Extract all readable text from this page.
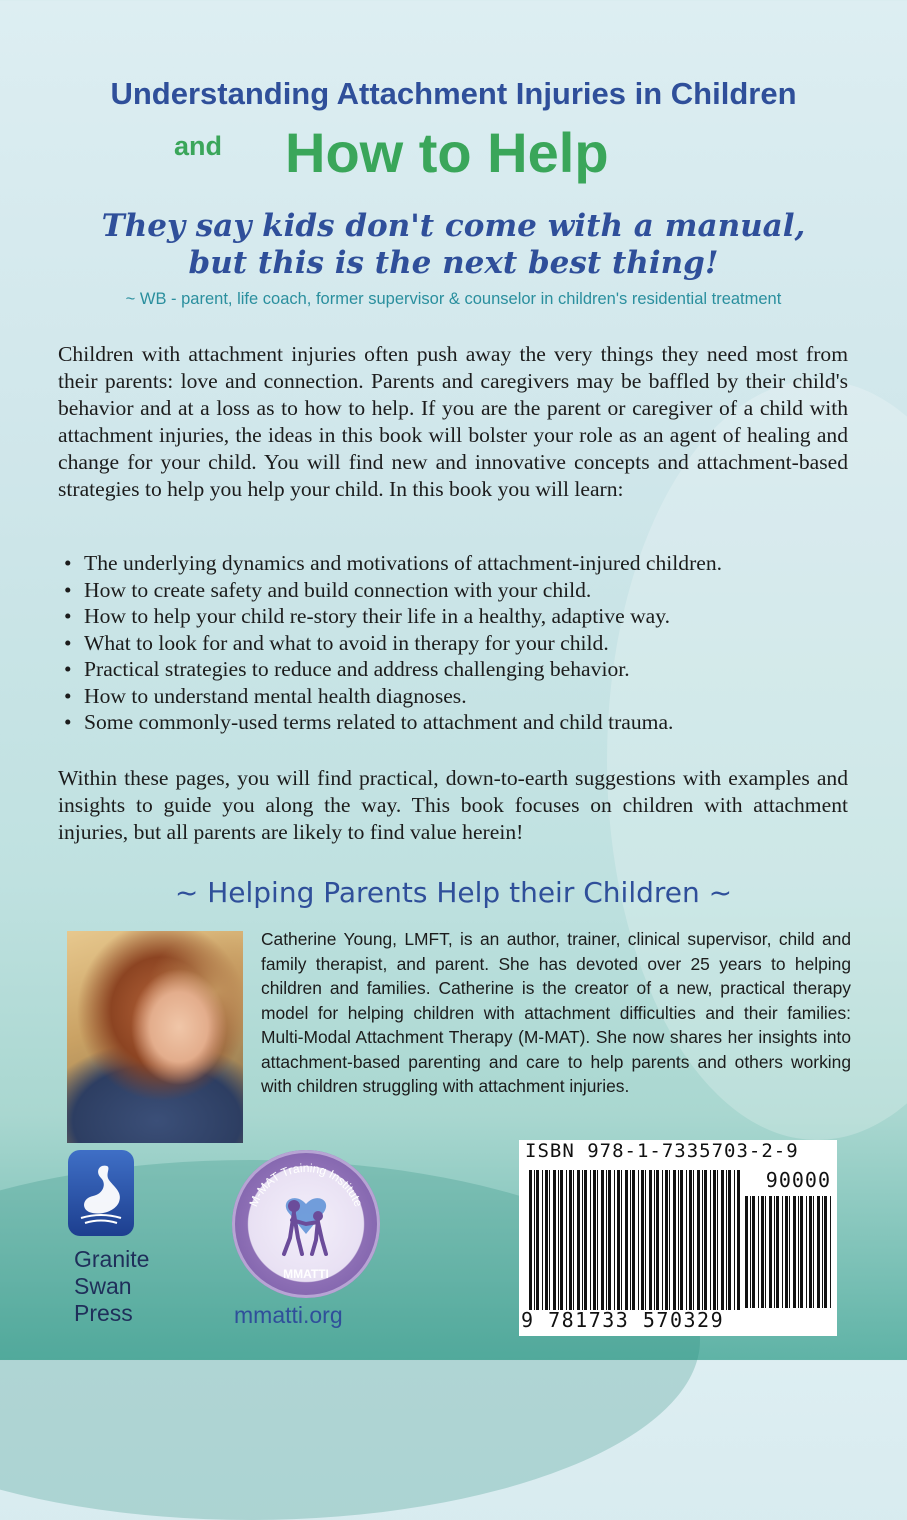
Understanding Attachment Injuries in Children
and How to Help
They say kids don't come with a manual,
but this is the next best thing!
~ WB - parent, life coach, former supervisor & counselor in children's residential treatment
Children with attachment injuries often push away the very things they need most from their parents: love and connection. Parents and caregivers may be baffled by their child's behavior and at a loss as to how to help. If you are the parent or caregiver of a child with attachment injuries, the ideas in this book will bolster your role as an agent of healing and change for your child. You will find new and innovative concepts and attachment-based strategies to help you help your child. In this book you will learn:
• The underlying dynamics and motivations of attachment-injured children.
• How to create safety and build connection with your child.
• How to help your child re-story their life in a healthy, adaptive way.
• What to look for and what to avoid in therapy for your child.
• Practical strategies to reduce and address challenging behavior.
• How to understand mental health diagnoses.
• Some commonly-used terms related to attachment and child trauma.
Within these pages, you will find practical, down-to-earth suggestions with examples and insights to guide you along the way. This book focuses on children with attachment injuries, but all parents are likely to find value herein!
~ Helping Parents Help their Children ~
Catherine Young, LMFT, is an author, trainer, clinical supervisor, child and family therapist, and parent. She has devoted over 25 years to helping children and families. Catherine is the creator of a new, practical therapy model for helping children with attachment difficulties and their families: Multi-Modal Attachment Therapy (M-MAT). She now shares her insights into attachment-based parenting and care to help parents and others working with children struggling with attachment injuries.
Granite
Swan
Press
M-MAT Training Institute
MMATTI
mmatti.org
ISBN 978-1-7335703-2-9
90000
9 781733 570329
